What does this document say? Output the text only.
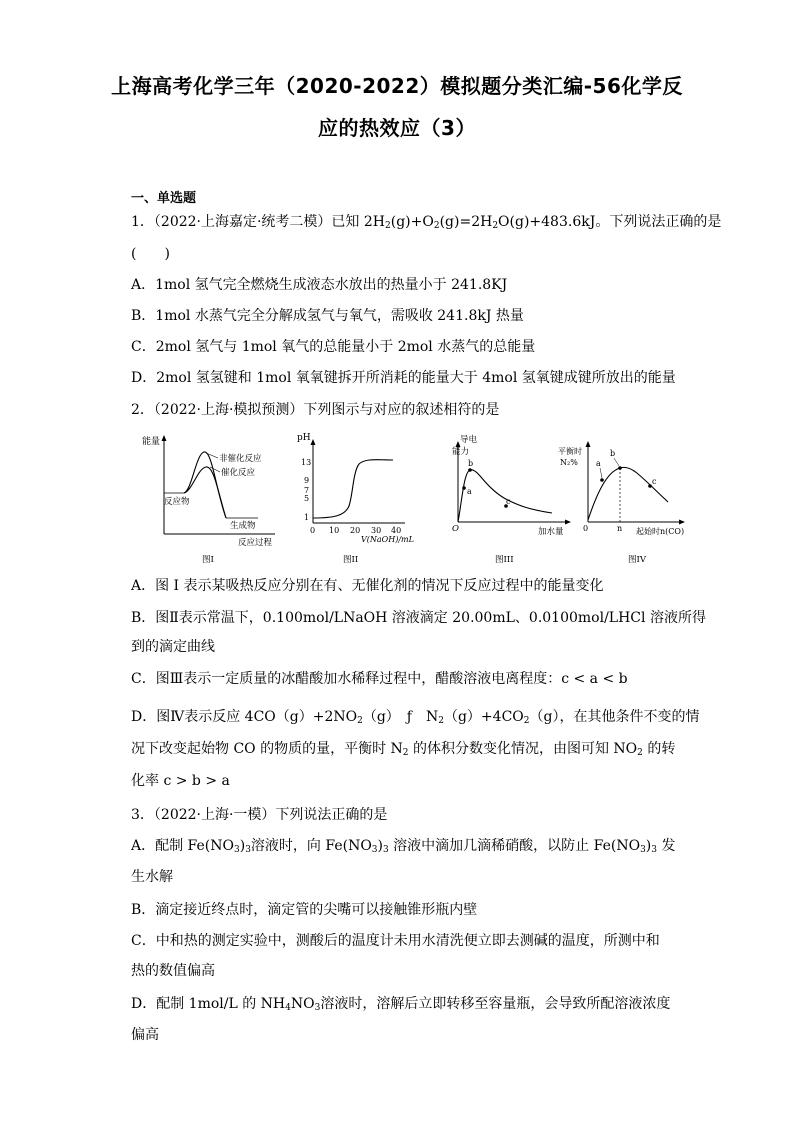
上海高考化学三年（2020-2022）模拟题分类汇编-56化学反
应的热效应（3）
一、单选题
1．（2022·上海嘉定·统考二模）已知 $2H_2(g)+O_2(g)=2H_2O(g)+483.6kJ$。下列说法正确的是
(　　)
A．1mol 氢气完全燃烧生成液态水放出的热量小于 241.8KJ
B．1mol 水蒸气完全分解成氢气与氧气，需吸收 241.8kJ 热量
C．2mol 氢气与 1mol 氧气的总能量小于 2mol 水蒸气的总能量
D．2mol 氢氢键和 1mol 氧氧键拆开所消耗的能量大于 4mol 氢氧键成键所放出的能量
2．（2022·上海·模拟预测）下列图示与对应的叙述相符的是
能量
非催化反应
催化反应
反应物
生成物
反应过程
图I
pH
13
9
7
5
1
0 10 20 30 40
V(NaOH)/mL
图II
导电
能力
a
b
c
O	加水量
图III
平衡时
N₂% a
b
c
0	n 起始时n(CO)
图IV
A．图 I 表示某吸热反应分别在有、无催化剂的情况下反应过程中的能量变化
B．图Ⅱ表示常温下，0.100mol/LNaOH 溶液滴定 20.00mL、0.0100mol/LHCl 溶液所得
到的滴定曲线
C．图Ⅲ表示一定质量的冰醋酸加水稀释过程中，醋酸溶液电离程度：c < a < b
D．图Ⅳ表示反应 $4CO(g)+2NO_2(g)$　ƒ　$N_2(g)+4CO_2(g)$，在其他条件不变的情
况下改变起始物 CO 的物质的量，平衡时 $N_2$ 的体积分数变化情况，由图可知 $NO_2$ 的转
化率 c > b > a
3．（2022·上海·一模）下列说法正确的是
A．配制 $Fe(NO_3)_3$溶液时，向 $Fe(NO_3)_3$ 溶液中滴加几滴稀硝酸，以防止 $Fe(NO_3)_3$ 发
生水解
B．滴定接近终点时，滴定管的尖嘴可以接触锥形瓶内壁
C．中和热的测定实验中，测酸后的温度计未用水清洗便立即去测碱的温度，所测中和
热的数值偏高
D．配制 1mol/L 的 $NH_4NO_3$溶液时，溶解后立即转移至容量瓶，会导致所配溶液浓度
偏高
